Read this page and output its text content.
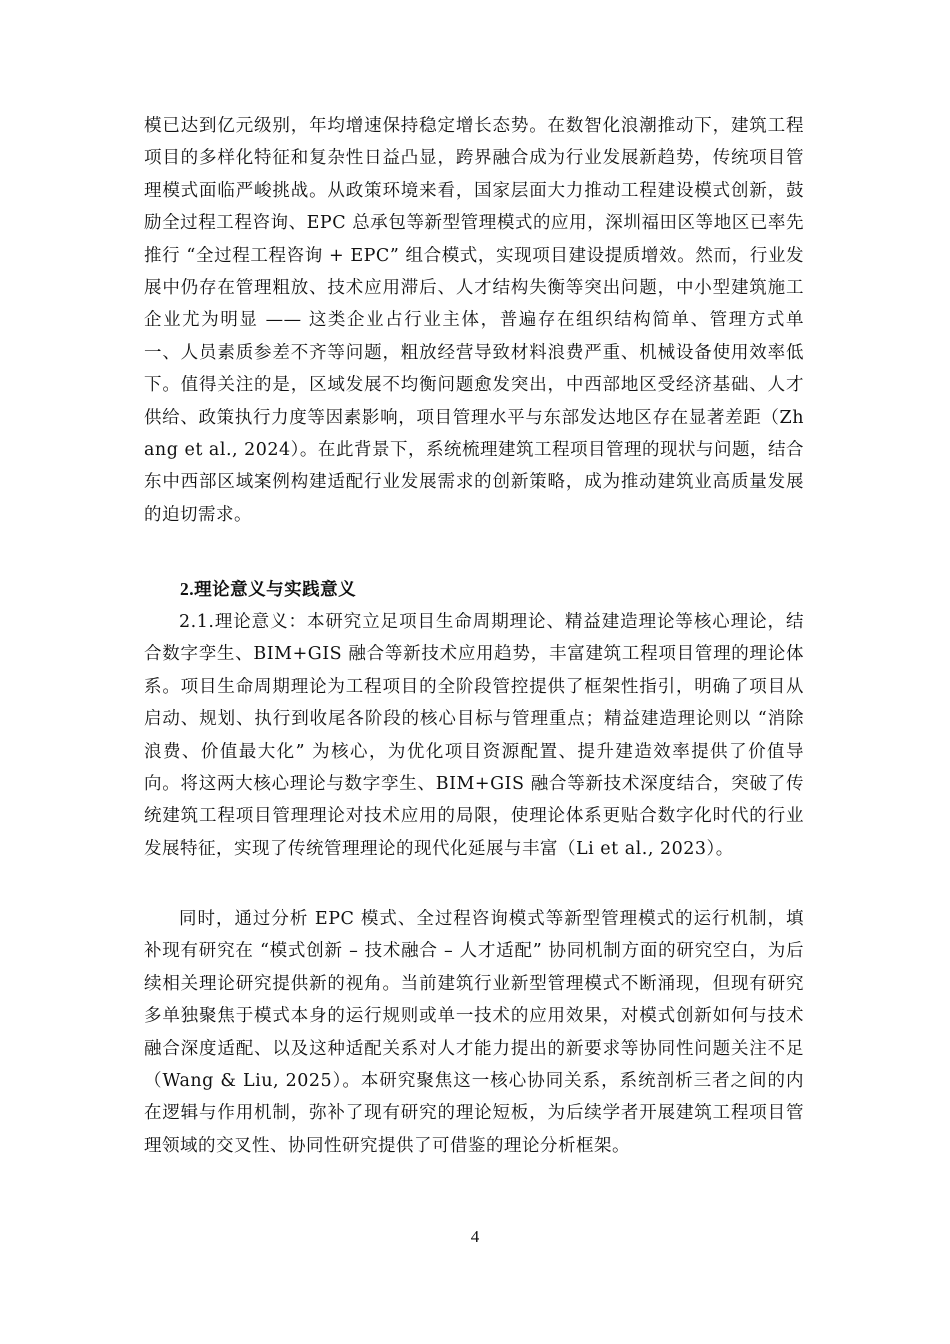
模已达到亿元级别，年均增速保持稳定增长态势。在数智化浪潮推动下，建筑工程项目的多样化特征和复杂性日益凸显，跨界融合成为行业发展新趋势，传统项目管理模式面临严峻挑战。从政策环境来看，国家层面大力推动工程建设模式创新，鼓励全过程工程咨询、EPC 总承包等新型管理模式的应用，深圳福田区等地区已率先推行 “全过程工程咨询 + EPC” 组合模式，实现项目建设提质增效。然而，行业发展中仍存在管理粗放、技术应用滞后、人才结构失衡等突出问题，中小型建筑施工企业尤为明显 —— 这类企业占行业主体，普遍存在组织结构简单、管理方式单一、人员素质参差不齐等问题，粗放经营导致材料浪费严重、机械设备使用效率低下。值得关注的是，区域发展不均衡问题愈发突出，中西部地区受经济基础、人才供给、政策执行力度等因素影响，项目管理水平与东部发达地区存在显著差距（Zhang et al., 2024）。在此背景下，系统梳理建筑工程项目管理的现状与问题，结合东中西部区域案例构建适配行业发展需求的创新策略，成为推动建筑业高质量发展的迫切需求。

2.理论意义与实践意义

2.1.理论意义：本研究立足项目生命周期理论、精益建造理论等核心理论，结合数字孪生、BIM+GIS 融合等新技术应用趋势，丰富建筑工程项目管理的理论体系。项目生命周期理论为工程项目的全阶段管控提供了框架性指引，明确了项目从启动、规划、执行到收尾各阶段的核心目标与管理重点；精益建造理论则以 “消除浪费、价值最大化” 为核心，为优化项目资源配置、提升建造效率提供了价值导向。将这两大核心理论与数字孪生、BIM+GIS 融合等新技术深度结合，突破了传统建筑工程项目管理理论对技术应用的局限，使理论体系更贴合数字化时代的行业发展特征，实现了传统管理理论的现代化延展与丰富（Li et al., 2023）。

同时，通过分析 EPC 模式、全过程咨询模式等新型管理模式的运行机制，填补现有研究在 “模式创新 – 技术融合 – 人才适配” 协同机制方面的研究空白，为后续相关理论研究提供新的视角。当前建筑行业新型管理模式不断涌现，但现有研究多单独聚焦于模式本身的运行规则或单一技术的应用效果，对模式创新如何与技术融合深度适配、以及这种适配关系对人才能力提出的新要求等协同性问题关注不足（Wang & Liu, 2025）。本研究聚焦这一核心协同关系，系统剖析三者之间的内在逻辑与作用机制，弥补了现有研究的理论短板，为后续学者开展建筑工程项目管理领域的交叉性、协同性研究提供了可借鉴的理论分析框架。

4
